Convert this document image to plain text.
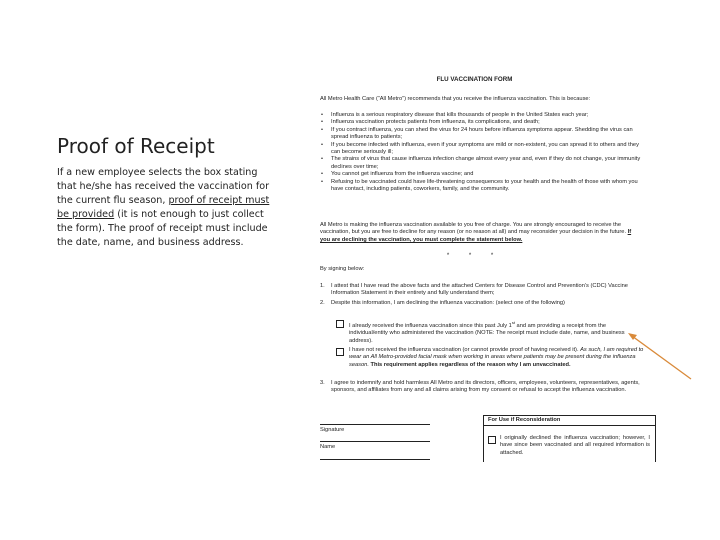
Proof of Receipt
If a new employee selects the box stating that he/she has received the vaccination for the current flu season, proof of receipt must be provided (it is not enough to just collect the form). The proof of receipt must include the date, name, and business address.
FLU VACCINATION FORM
All Metro Health Care (“All Metro”) recommends that you receive the influenza vaccination. This is because:
• Influenza is a serious respiratory disease that kills thousands of people in the United States each year;
• Influenza vaccination protects patients from influenza, its complications, and death;
• If you contract influenza, you can shed the virus for 24 hours before influenza symptoms appear. Shedding the virus can spread influenza to patients;
• If you become infected with influenza, even if your symptoms are mild or non-existent, you can spread it to others and they can become seriously ill;
• The strains of virus that cause influenza infection change almost every year and, even if they do not change, your immunity declines over time;
• You cannot get influenza from the influenza vaccine; and
• Refusing to be vaccinated could have life-threatening consequences to your health and the health of those with whom you have contact, including patients, coworkers, family, and the community.
All Metro is making the influenza vaccination available to you free of charge. You are strongly encouraged to receive the vaccination, but you are free to decline for any reason (or no reason at all) and may reconsider your decision in the future. If you are declining the vaccination, you must complete the statement below.
* * *
By signing below:
1. I attest that I have read the above facts and the attached Centers for Disease Control and Prevention’s (CDC) Vaccine Information Statement in their entirety and fully understand them;
2. Despite this information, I am declining the influenza vaccination: (select one of the following)
I already received the influenza vaccination since this past July 1st and am providing a receipt from the individual/entity who administered the vaccination (NOTE: The receipt must include date, name, and business address).
I have not received the influenza vaccination (or cannot provide proof of having received it). As such, I am required to wear an All Metro-provided facial mask when working in areas where patients may be present during the influenza season. This requirement applies regardless of the reason why I am unvaccinated.
3. I agree to indemnify and hold harmless All Metro and its directors, officers, employees, volunteers, representatives, agents, sponsors, and affiliates from any and all claims arising from my consent or refusal to accept the influenza vaccination.
Signature
Name
For Use if Reconsideration
I originally declined the influenza vaccination; however, I have since been vaccinated and all required information is attached.
